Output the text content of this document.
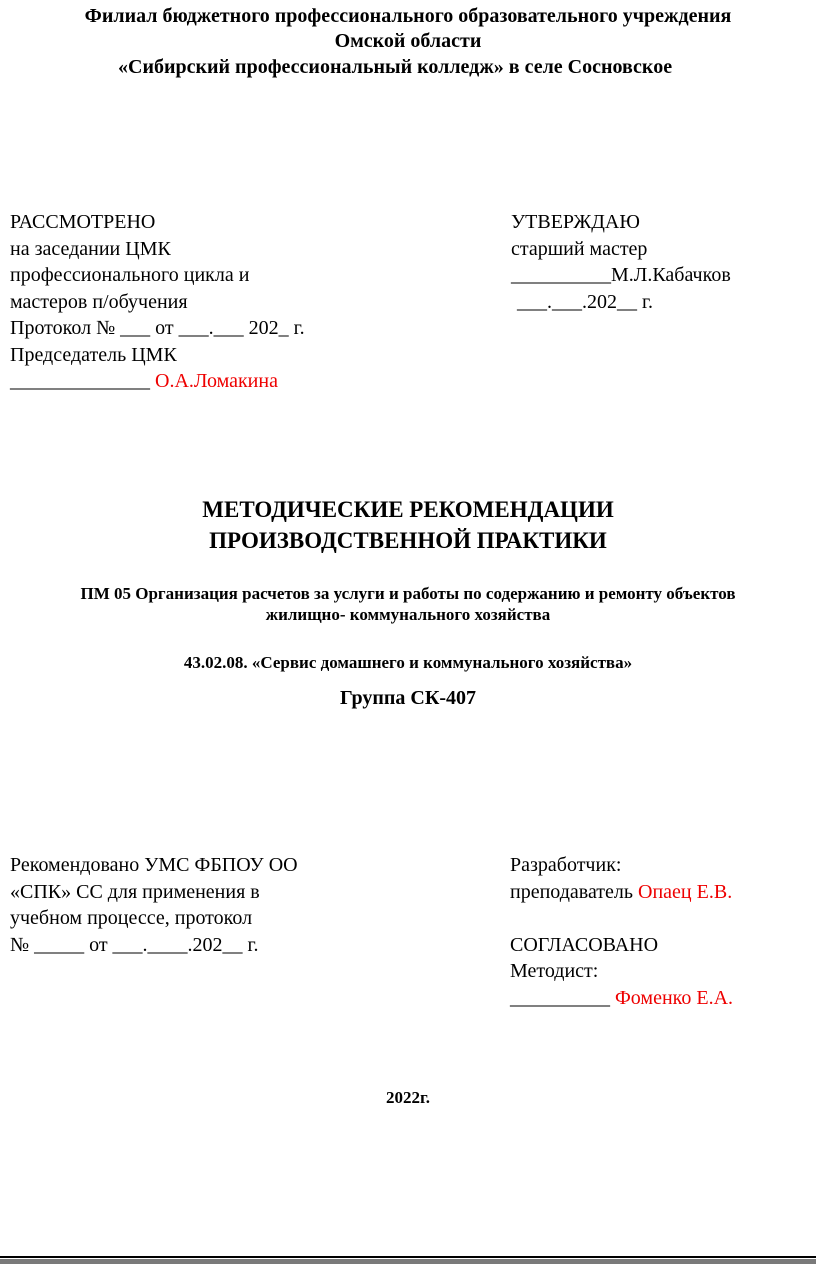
Филиал бюджетного профессионального образовательного учреждения
Омской области
«Сибирский профессиональный колледж» в селе Сосновское
РАССМОТРЕНО
на заседании ЦМК
профессионального цикла и
мастеров п/обучения
Протокол № ___ от ___.___ 202_ г.
Председатель ЦМК
______________ О.А.Ломакина
УТВЕРЖДАЮ
старший мастер
__________М.Л.Кабачков
___.___.202__ г.
МЕТОДИЧЕСКИЕ РЕКОМЕНДАЦИИ
ПРОИЗВОДСТВЕННОЙ ПРАКТИКИ
ПМ 05 Организация расчетов за услуги и работы по содержанию и ремонту объектов
жилищно- коммунального хозяйства
43.02.08. «Сервис домашнего и коммунального хозяйства»
Группа СК-407
Рекомендовано УМС ФБПОУ ОО
«СПК» СС для применения в
учебном процессе, протокол
№ _____ от ___.____.202__ г.
Разработчик:
преподаватель Опаец Е.В.
СОГЛАСОВАНО
Методист:
__________ Фоменко Е.А.
2022г.
